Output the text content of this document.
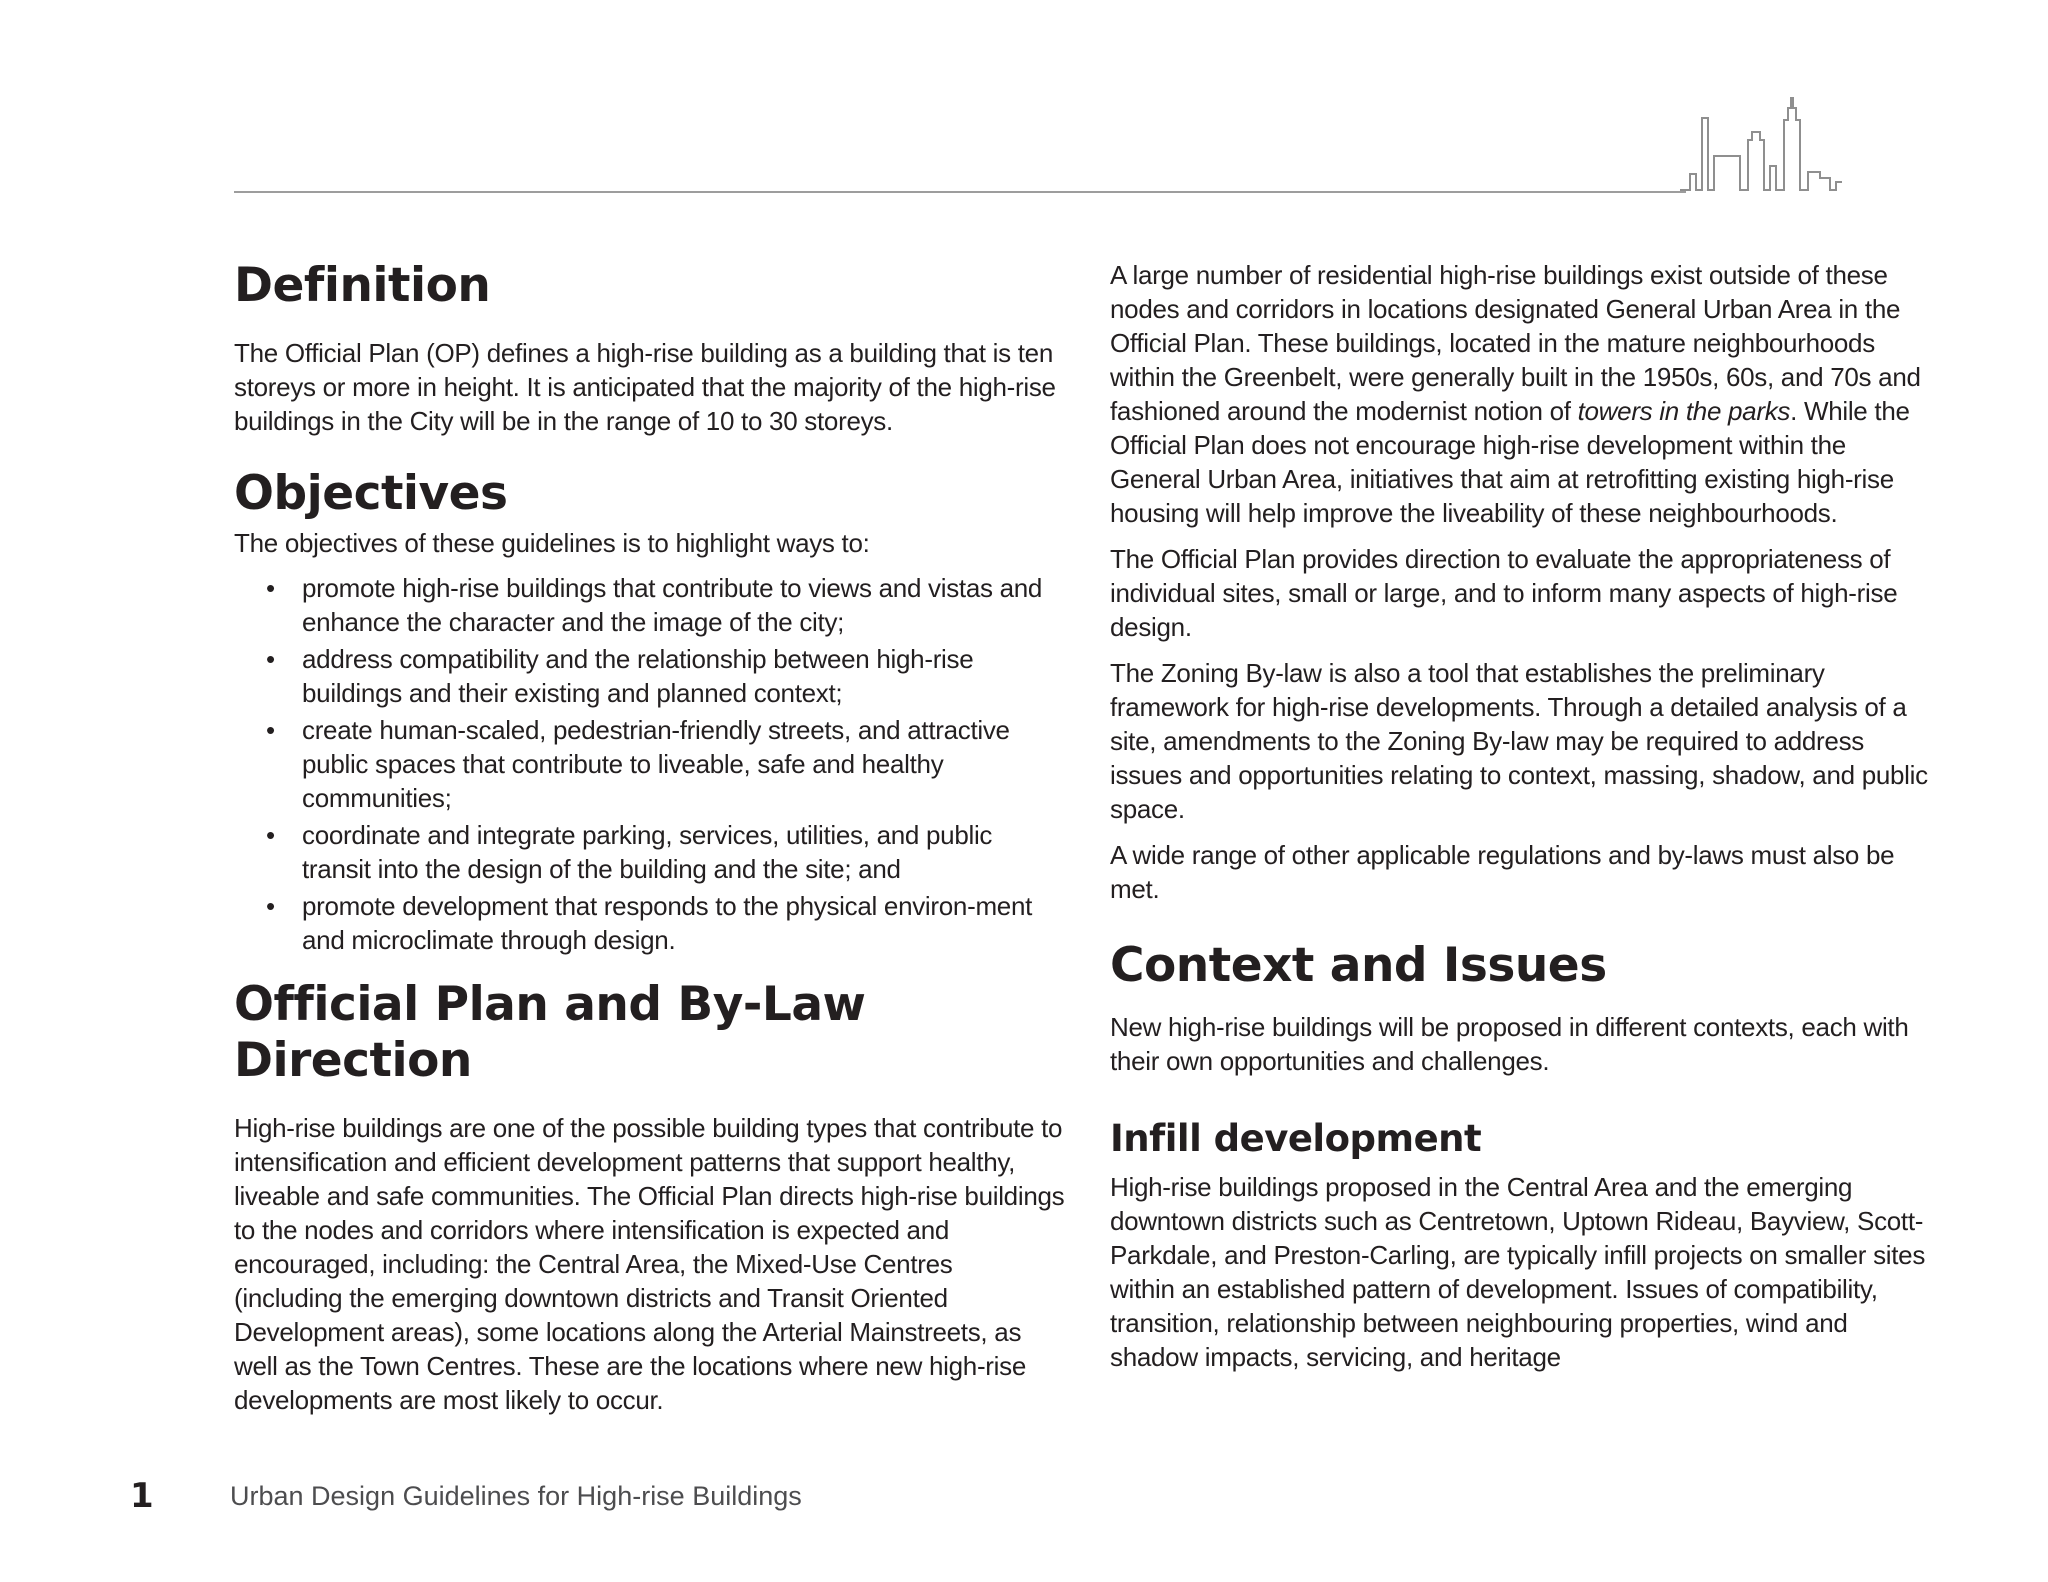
Definition

The Official Plan (OP) defines a high-rise building as a building that is ten storeys or more in height. It is anticipated that the majority of the high-rise buildings in the City will be in the range of 10 to 30 storeys.

Objectives

The objectives of these guidelines is to highlight ways to:

• promote high-rise buildings that contribute to views and vistas and enhance the character and the image of the city;
• address compatibility and the relationship between high-rise buildings and their existing and planned context;
• create human-scaled, pedestrian-friendly streets, and attractive public spaces that contribute to liveable, safe and healthy communities;
• coordinate and integrate parking, services, utilities, and public transit into the design of the building and the site; and
• promote development that responds to the physical environ-ment and microclimate through design.
Official Plan and By-Law Direction

High-rise buildings are one of the possible building types that contribute to intensification and efficient development patterns that support healthy, liveable and safe communities. The Official Plan directs high-rise buildings to the nodes and corridors where intensification is expected and encouraged, including: the Central Area, the Mixed-Use Centres (including the emerging downtown districts and Transit Oriented Development areas), some locations along the Arterial Mainstreets, as well as the Town Centres. These are the locations where new high-rise developments are most likely to occur.

A large number of residential high-rise buildings exist outside of these nodes and corridors in locations designated General Urban Area in the Official Plan. These buildings, located in the mature neighbourhoods within the Greenbelt, were generally built in the 1950s, 60s, and 70s and fashioned around the modernist notion of towers in the parks. While the Official Plan does not encourage high-rise development within the General Urban Area, initiatives that aim at retrofitting existing high-rise housing will help improve the liveability of these neighbourhoods.

The Official Plan provides direction to evaluate the appropriateness of individual sites, small or large, and to inform many aspects of high-rise design.

The Zoning By-law is also a tool that establishes the preliminary framework for high-rise developments. Through a detailed analysis of a site, amendments to the Zoning By-law may be required to address issues and opportunities relating to context, massing, shadow, and public space.

A wide range of other applicable regulations and by-laws must also be met.

Context and Issues

New high-rise buildings will be proposed in different contexts, each with their own opportunities and challenges.

Infill development

High-rise buildings proposed in the Central Area and the emerging downtown districts such as Centretown, Uptown Rideau, Bayview, Scott-Parkdale, and Preston-Carling, are typically infill projects on smaller sites within an established pattern of development. Issues of compatibility, transition, relationship between neighbouring properties, wind and shadow impacts, servicing, and heritage

1	Urban Design Guidelines for High-rise Buildings
